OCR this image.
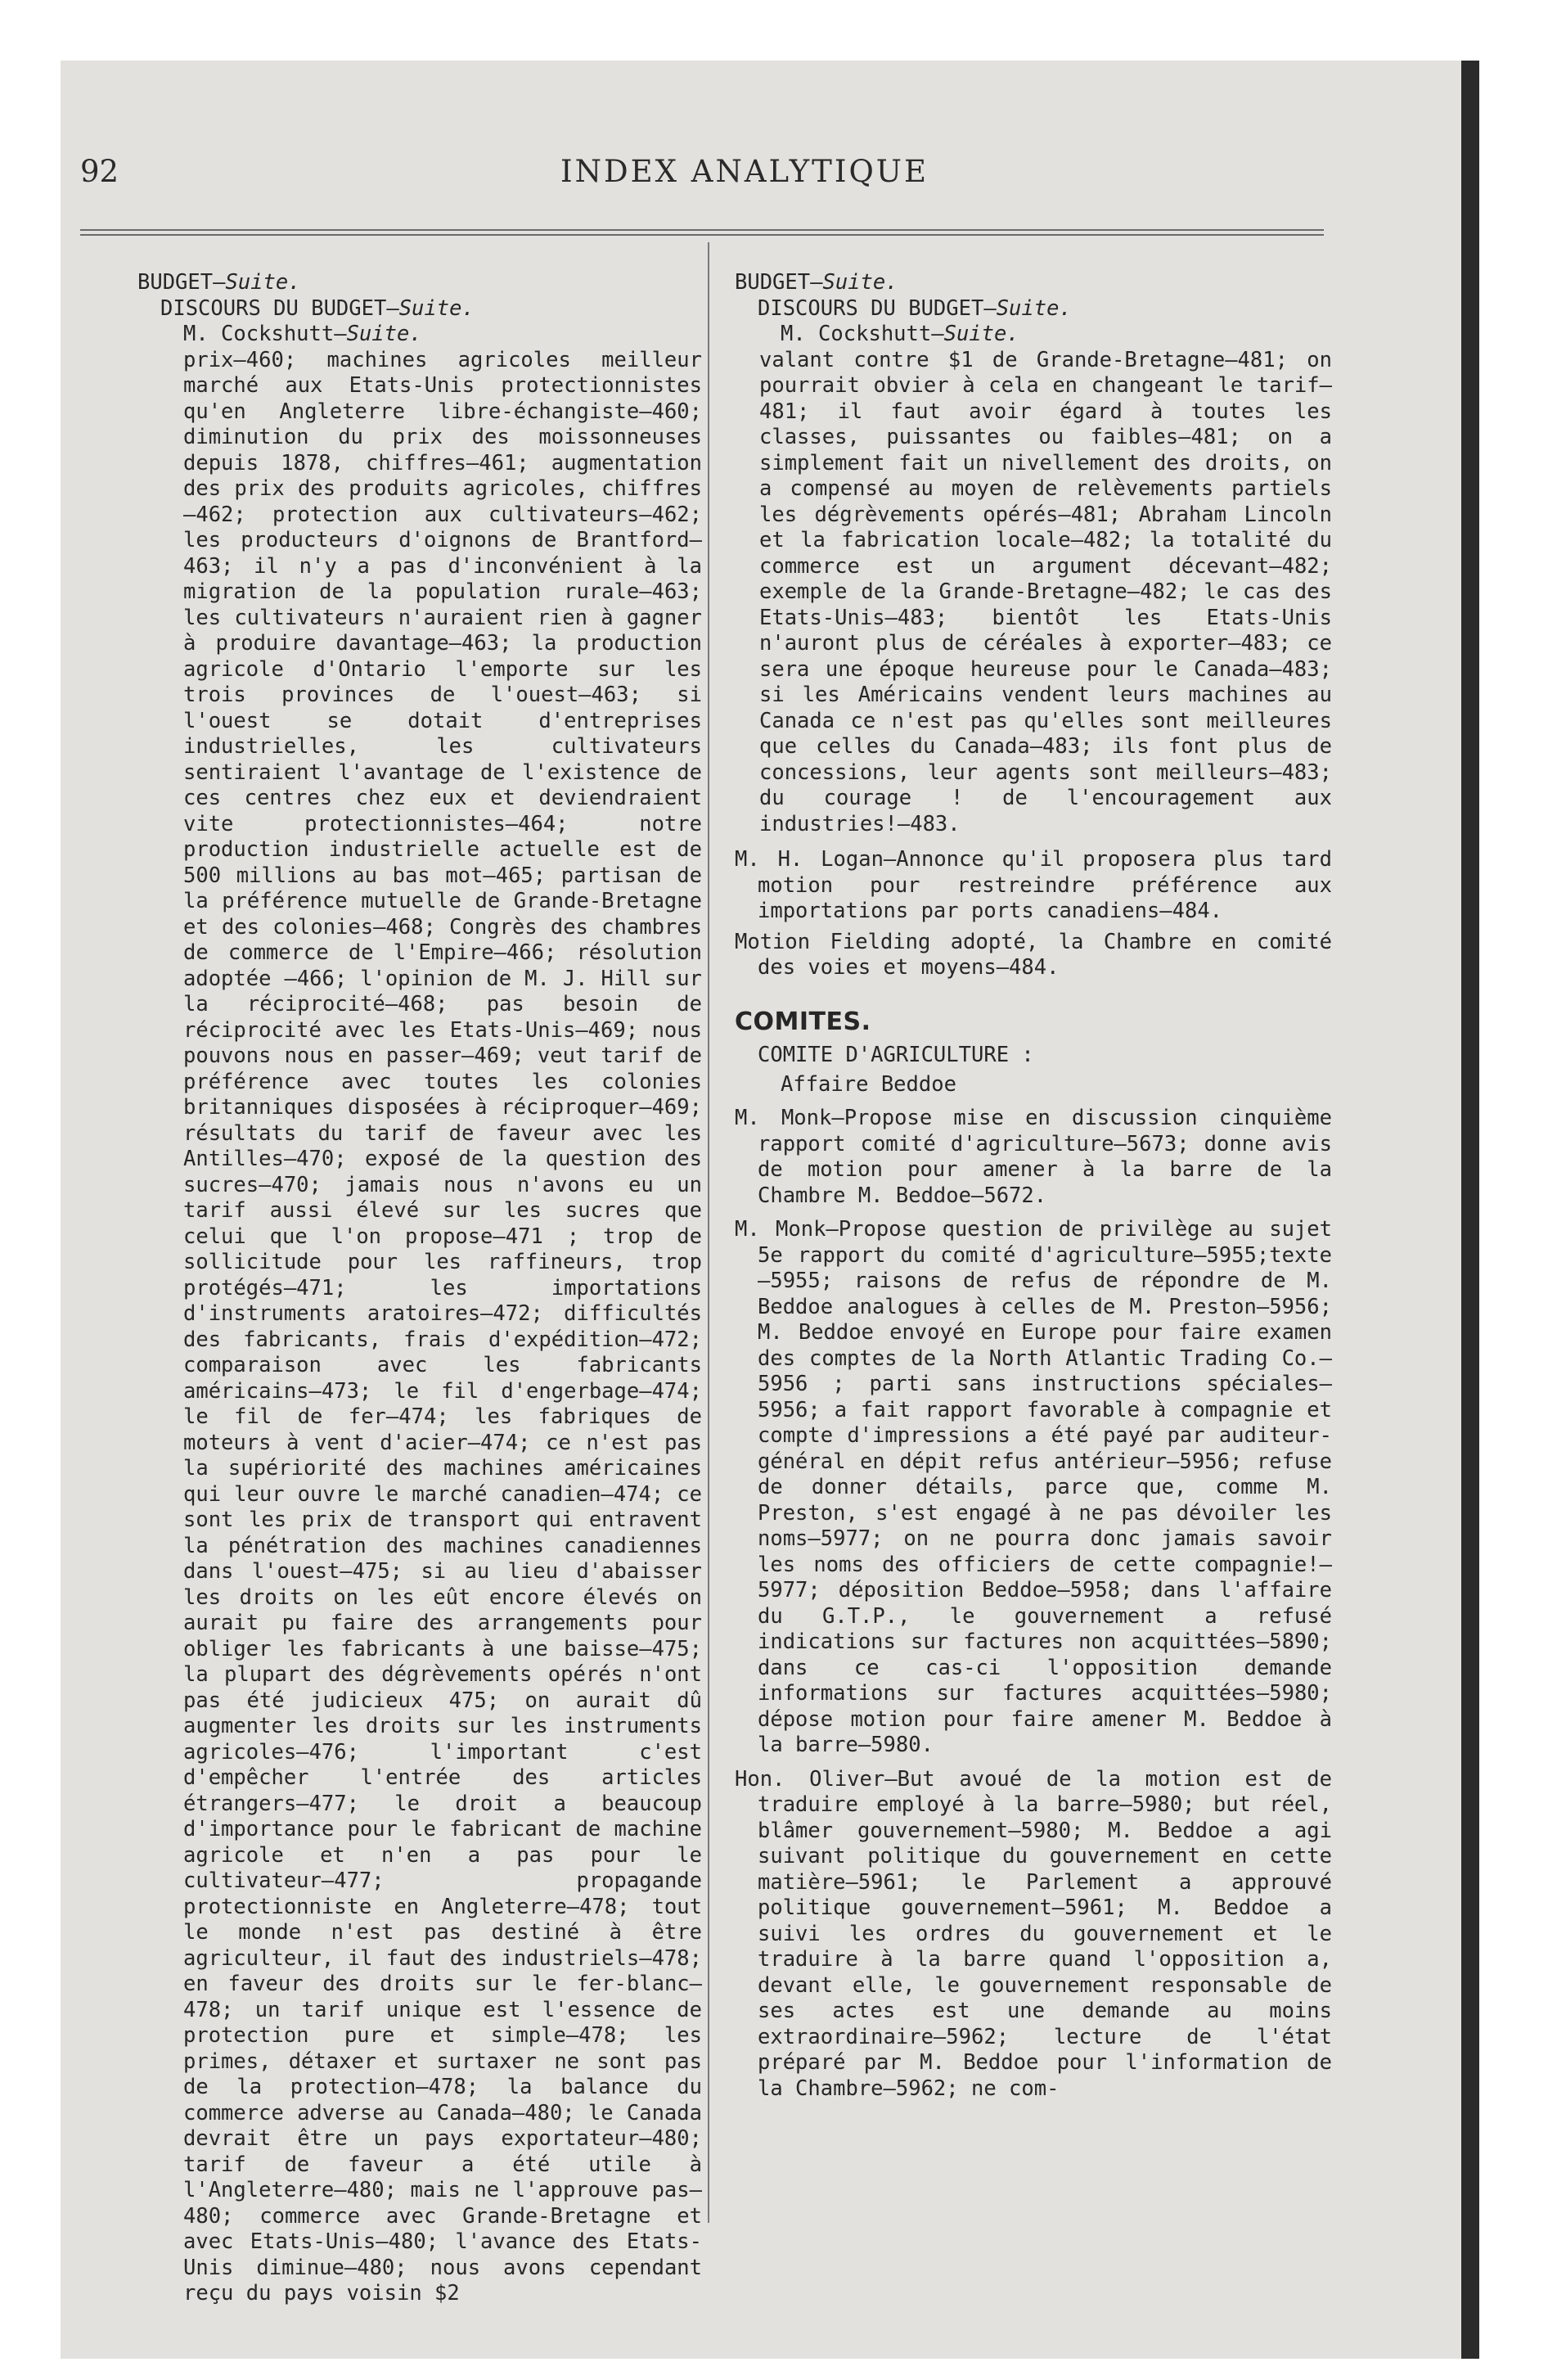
92	INDEX ANALYTIQUE
BUDGET—Suite.
DISCOURS DU BUDGET—Suite.
M. Cockshutt—Suite.
prix—460; machines agricoles meilleur marché aux Etats-Unis protectionnistes qu'en Angleterre libre-échangiste—460; diminution du prix des moissonneuses depuis 1878, chiffres—461; augmentation des prix des produits agricoles, chiffres—462; protection aux cultivateurs—462; les producteurs d'oignons de Brantford—463; il n'y a pas d'inconvénient à la migration de la population rurale—463; les cultivateurs n'auraient rien à gagner à produire davantage—463; la production agricole d'Ontario l'emporte sur les trois provinces de l'ouest—463; si l'ouest se dotait d'entreprises industrielles, les cultivateurs sentiraient l'avantage de l'existence de ces centres chez eux et deviendraient vite protectionnistes—464; notre production industrielle actuelle est de 500 millions au bas mot—465; partisan de la préférence mutuelle de Grande-Bretagne et des colonies—468; Congrès des chambres de commerce de l'Empire—466; résolution adoptée —466; l'opinion de M. J. Hill sur la réciprocité—468; pas besoin de réciprocité avec les Etats-Unis—469; nous pouvons nous en passer—469; veut tarif de préférence avec toutes les colonies britanniques disposées à réciproquer—469; résultats du tarif de faveur avec les Antilles—470; exposé de la question des sucres—470; jamais nous n'avons eu un tarif aussi élevé sur les sucres que celui que l'on propose—471 ; trop de sollicitude pour les raffineurs, trop protégés—471; les importations d'instruments aratoires—472; difficultés des fabricants, frais d'expédition—472; comparaison avec les fabricants américains—473; le fil d'engerbage—474; le fil de fer—474; les fabriques de moteurs à vent d'acier—474; ce n'est pas la supériorité des machines américaines qui leur ouvre le marché canadien—474; ce sont les prix de transport qui entravent la pénétration des machines canadiennes dans l'ouest—475; si au lieu d'abaisser les droits on les eût encore élevés on aurait pu faire des arrangements pour obliger les fabricants à une baisse—475; la plupart des dégrèvements opérés n'ont pas été judicieux 475; on aurait dû augmenter les droits sur les instruments agricoles—476; l'important c'est d'empêcher l'entrée des articles étrangers—477; le droit a beaucoup d'importance pour le fabricant de machine agricole et n'en a pas pour le cultivateur—477; propagande protectionniste en Angleterre—478; tout le monde n'est pas destiné à être agriculteur, il faut des industriels—478; en faveur des droits sur le fer-blanc—478; un tarif unique est l'essence de protection pure et simple—478; les primes, détaxer et surtaxer ne sont pas de la protection—478; la balance du commerce adverse au Canada—480; le Canada devrait être un pays exportateur—480; tarif de faveur a été utile à l'Angleterre—480; mais ne l'approuve pas—480; commerce avec Grande-Bretagne et avec Etats-Unis—480; l'avance des Etats-Unis diminue—480; nous avons cependant reçu du pays voisin $2
BUDGET—Suite.
DISCOURS DU BUDGET—Suite.
M. Cockshutt—Suite.
valant contre $1 de Grande-Bretagne—481; on pourrait obvier à cela en changeant le tarif—481; il faut avoir égard à toutes les classes, puissantes ou faibles—481; on a simplement fait un nivellement des droits, on a compensé au moyen de relèvements partiels les dégrèvements opérés—481; Abraham Lincoln et la fabrication locale—482; la totalité du commerce est un argument décevant—482; exemple de la Grande-Bretagne—482; le cas des Etats-Unis—483; bientôt les Etats-Unis n'auront plus de céréales à exporter—483; ce sera une époque heureuse pour le Canada—483; si les Américains vendent leurs machines au Canada ce n'est pas qu'elles sont meilleures que celles du Canada—483; ils font plus de concessions, leur agents sont meilleurs—483; du courage ! de l'encouragement aux industries!—483.
M. H. Logan—Annonce qu'il proposera plus tard motion pour restreindre préférence aux importations par ports canadiens—484.
Motion Fielding adopté, la Chambre en comité des voies et moyens—484.
COMITES.
COMITE D'AGRICULTURE :
Affaire Beddoe
M. Monk—Propose mise en discussion cinquième rapport comité d'agriculture—5673; donne avis de motion pour amener à la barre de la Chambre M. Beddoe—5672.
M. Monk—Propose question de privilège au sujet 5e rapport du comité d'agriculture—5955;texte—5955; raisons de refus de répondre de M. Beddoe analogues à celles de M. Preston—5956; M. Beddoe envoyé en Europe pour faire examen des comptes de la North Atlantic Trading Co.—5956 ; parti sans instructions spéciales—5956; a fait rapport favorable à compagnie et compte d'impressions a été payé par auditeur-général en dépit refus antérieur—5956; refuse de donner détails, parce que, comme M. Preston, s'est engagé à ne pas dévoiler les noms—5977; on ne pourra donc jamais savoir les noms des officiers de cette compagnie!—5977; déposition Beddoe—5958; dans l'affaire du G.T.P., le gouvernement a refusé indications sur factures non acquittées—5890; dans ce cas-ci l'opposition demande informations sur factures acquittées—5980; dépose motion pour faire amener M. Beddoe à la barre—5980.
Hon. Oliver—But avoué de la motion est de traduire employé à la barre—5980; but réel, blâmer gouvernement—5980; M. Beddoe a agi suivant politique du gouvernement en cette matière—5961; le Parlement a approuvé politique gouvernement—5961; M. Beddoe a suivi les ordres du gouvernement et le traduire à la barre quand l'opposition a, devant elle, le gouvernement responsable de ses actes est une demande au moins extraordinaire—5962; lecture de l'état préparé par M. Beddoe pour l'information de la Chambre—5962; ne com-
